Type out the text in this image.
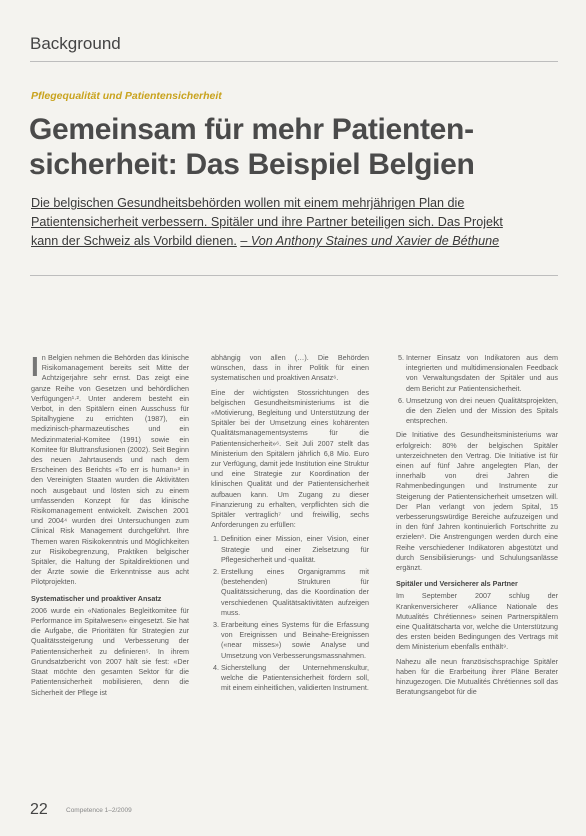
Background
Pflegequalität und Patientensicherheit
Gemeinsam für mehr Patienten-
sicherheit: Das Beispiel Belgien
Die belgischen Gesundheitsbehörden wollen mit einem mehrjährigen Plan die
Patientensicherheit verbessern. Spitäler und ihre Partner beteiligen sich. Das Projekt
kann der Schweiz als Vorbild dienen. – Von Anthony Staines und Xavier de Béthune

In Belgien nehmen die Behörden das klinische Risikomanagement bereits seit Mitte der Achtzigerjahre sehr ernst. Das zeigt eine ganze Reihe von Gesetzen und behördlichen Verfügungen¹·². Unter anderem besteht ein Verbot, in den Spitälern einen Ausschuss für Spitalhygiene zu errichten (1987), ein medizinisch-pharmazeutisches und ein Medizinmaterial-Komitee (1991) sowie ein Komitee für Bluttransfusionen (2002). Seit Beginn des neuen Jahrtausends und nach dem Erscheinen des Berichts «To err is human»³ in den Vereinigten Staaten wurden die Aktivitäten noch ausgebaut und lösten sich zu einem umfassenden Konzept für das klinische Risikomanagement entwickelt. Zwischen 2001 und 2004⁴ wurden drei Untersuchungen zum Clinical Risk Management durchgeführt. Ihre Themen waren Risikokenntnis und Möglichkeiten zur Risikobegrenzung, Praktiken belgischer Spitäler, die Haltung der Spitaldirektionen und der Ärzte sowie die Erkenntnisse aus acht Pilotprojekten.

Systematischer und proaktiver Ansatz

2006 wurde ein «Nationales Begleitkomitee für Performance im Spitalwesen» eingesetzt. Sie hat die Aufgabe, die Prioritäten für Strategien zur Qualitätssteigerung und Verbesserung der Patientensicherheit zu definieren⁵. In ihrem Grundsatzbericht von 2007 hält sie fest: «Der Staat möchte den gesamten Sektor für die Patientensicherheit mobilisieren, denn die Sicherheit der Pflege ist

abhängig von allen (…). Die Behörden wünschen, dass in ihrer Politik für einen systematischen und proaktiven Ansatz⁶.

Eine der wichtigsten Stossrichtungen des belgischen Gesundheitsministeriums ist die «Motivierung, Begleitung und Unterstützung der Spitäler bei der Umsetzung eines kohärenten Qualitätsmanagementsystems für die Patientensicherheit»⁶. Seit Juli 2007 stellt das Ministerium den Spitälern jährlich 6,8 Mio. Euro zur Verfügung, damit jede Institution eine Struktur und eine Strategie zur Koordination der klinischen Qualität und der Patientensicherheit aufbauen kann. Um Zugang zu dieser Finanzierung zu erhalten, verpflichten sich die Spitäler vertraglich⁷ und freiwillig, sechs Anforderungen zu erfüllen:

1. Definition einer Mission, einer Vision, einer Strategie und einer Zielsetzung für Pflegesicherheit und -qualität.
2. Erstellung eines Organigramms mit (bestehenden) Strukturen für Qualitätssicherung, das die Koordination der verschiedenen Qualitätsaktivitäten aufzeigen muss.
3. Erarbeitung eines Systems für die Erfassung von Ereignissen und Beinahe-Ereignissen («near misses») sowie Analyse und Umsetzung von Verbesserungsmassnahmen.
4. Sicherstellung der Unternehmenskultur, welche die Patientensicherheit fördern soll, mit einem einheitlichen, validierten Instrument.
5. Interner Einsatz von Indikatoren aus dem integrierten und multidimensionalen Feedback von Verwaltungsdaten der Spitäler und aus dem Bericht zur Patientensicherheit.
6. Umsetzung von drei neuen Qualitätsprojekten, die den Zielen und der Mission des Spitals entsprechen.

Die Initiative des Gesundheitsministeriums war erfolgreich: 80% der belgischen Spitäler unterzeichneten den Vertrag. Die Initiative ist für einen auf fünf Jahre angelegten Plan, der innerhalb von drei Jahren die Rahmenbedingungen und Instrumente zur Steigerung der Patientensicherheit umsetzen will. Der Plan verlangt von jedem Spital, 15 verbesserungswürdige Bereiche aufzuzeigen und in den fünf Jahren kontinuierlich Fortschritte zu erzielen⁸. Die Anstrengungen werden durch eine Reihe verschiedener Indikatoren abgestützt und durch Sensibilisierungs- und Schulungsanlässe ergänzt.

Spitäler und Versicherer als Partner

Im September 2007 schlug der Krankenversicherer «Alliance Nationale des Mutualités Chrétiennes» seinen Partnerspitälern eine Qualitätscharta vor, welche die Unterstützung des ersten beiden Bedingungen des Vertrags mit dem Ministerium ebenfalls enthält⁹.

Nahezu alle neun französischsprachige Spitäler haben für die Erarbeitung ihrer Pläne Berater hinzugezogen. Die Mutualités Chrétiennes soll das Beratungsangebot für die

22	Competence 1–2/2009
